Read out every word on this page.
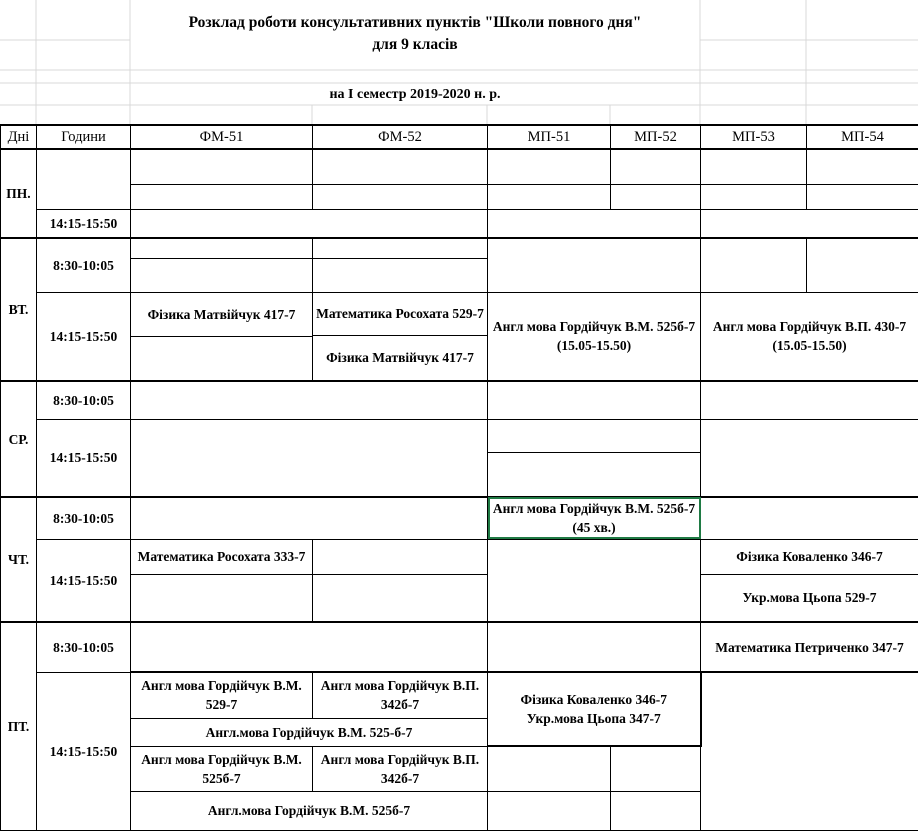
Розклад роботи консультативних пунктів "Школи повного дня"
для 9 класів
на І семестр 2019-2020 н. р.
Дні	Години	ФМ-51	ФМ-52	МП-51	МП-52	МП-53	МП-54
ПН.							

	14:15-15:50						
ВТ.	8:30-10:05						

	14:15-15:50	Фізика Матвійчук 417-7	Математика Росохата 529-7	Англ мова Гордійчук В.М. 525б-7 (15.05-15.50)		Англ мова Гордійчук В.П. 430-7 (15.05-15.50)	
			Фізика Матвійчук 417-7				

СР.	8:30-10:05						
	14:15-15:50						

ЧТ.	8:30-10:05			Англ мова Гордійчук В.М. 525б-7 (45 хв.)			
	14:15-15:50	Математика Росохата 333-7				Фізика Коваленко 346-7	
						Укр.мова Цьопа 529-7	
ПТ.	8:30-10:05					Математика Петриченко 347-7	
	14:15-15:50	Англ мова Гордійчук В.М. 529-7	Англ мова Гордійчук В.П. 342б-7	Фізика Коваленко 346-7
Укр.мова Цьопа 347-7			

		Англ.мова Гордійчук В.М. 525-б-7					
		Англ мова Гордійчук В.М. 525б-7	Англ мова Гордійчук В.П. 342б-7				
		Англ.мова Гордійчук В.М. 525б-7					
